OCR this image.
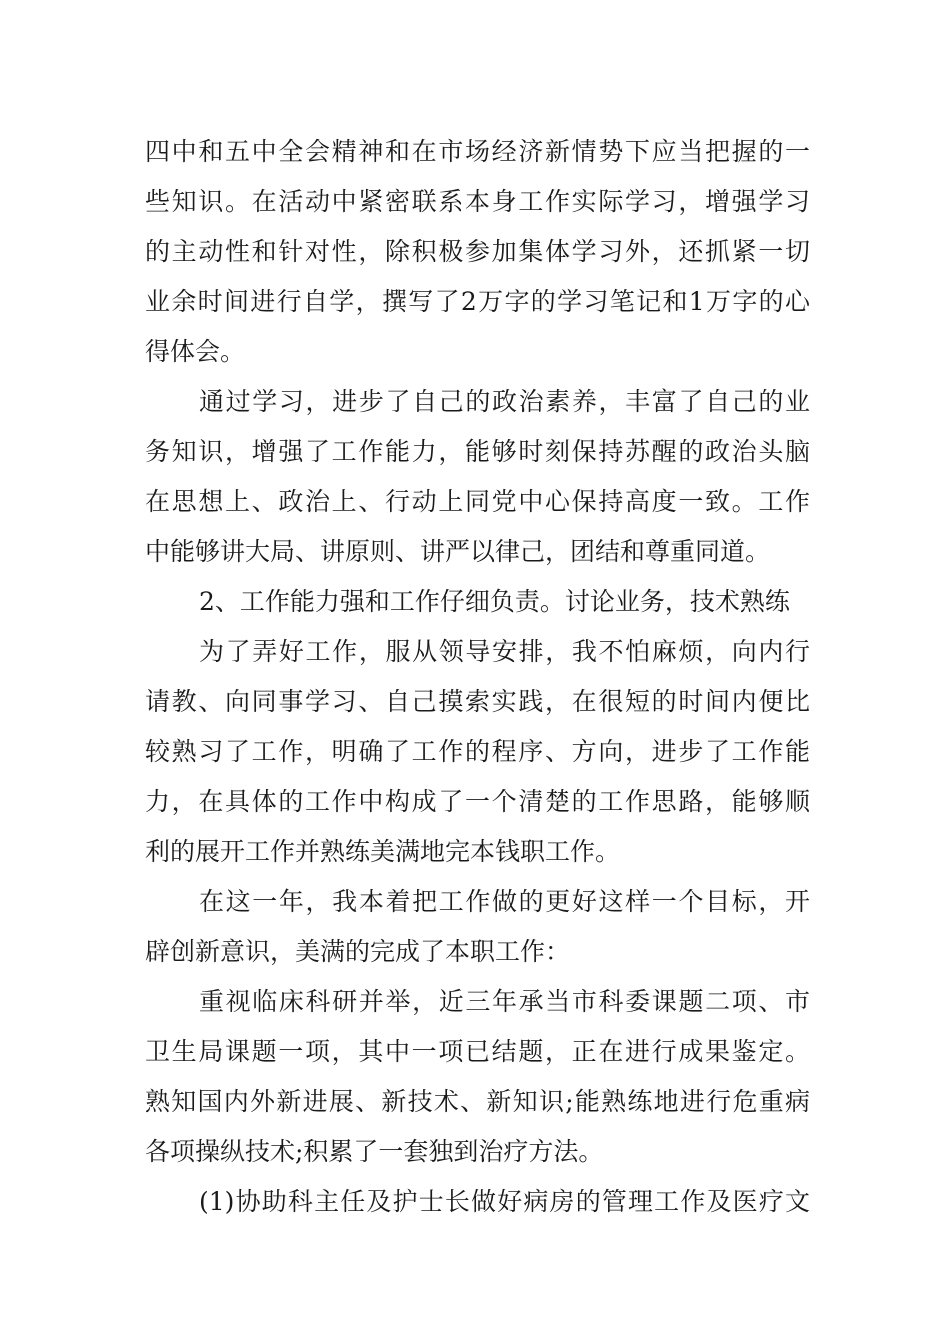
四中和五中全会精神和在市场经济新情势下应当把握的一
些知识。在活动中紧密联系本身工作实际学习，增强学习
的主动性和针对性，除积极参加集体学习外，还抓紧一切
业余时间进行自学，撰写了2万字的学习笔记和1万字的心
得体会。
通过学习，进步了自己的政治素养，丰富了自己的业
务知识，增强了工作能力，能够时刻保持苏醒的政治头脑
在思想上、政治上、行动上同党中心保持高度一致。工作
中能够讲大局、讲原则、讲严以律己，团结和尊重同道。
2、工作能力强和工作仔细负责。讨论业务，技术熟练
为了弄好工作，服从领导安排，我不怕麻烦，向内行
请教、向同事学习、自己摸索实践，在很短的时间内便比
较熟习了工作，明确了工作的程序、方向，进步了工作能
力，在具体的工作中构成了一个清楚的工作思路，能够顺
利的展开工作并熟练美满地完本钱职工作。
在这一年，我本着把工作做的更好这样一个目标，开
辟创新意识，美满的完成了本职工作：
重视临床科研并举，近三年承当市科委课题二项、市
卫生局课题一项，其中一项已结题，正在进行成果鉴定。
熟知国内外新进展、新技术、新知识;能熟练地进行危重病
各项操纵技术;积累了一套独到治疗方法。
(1)协助科主任及护士长做好病房的管理工作及医疗文
